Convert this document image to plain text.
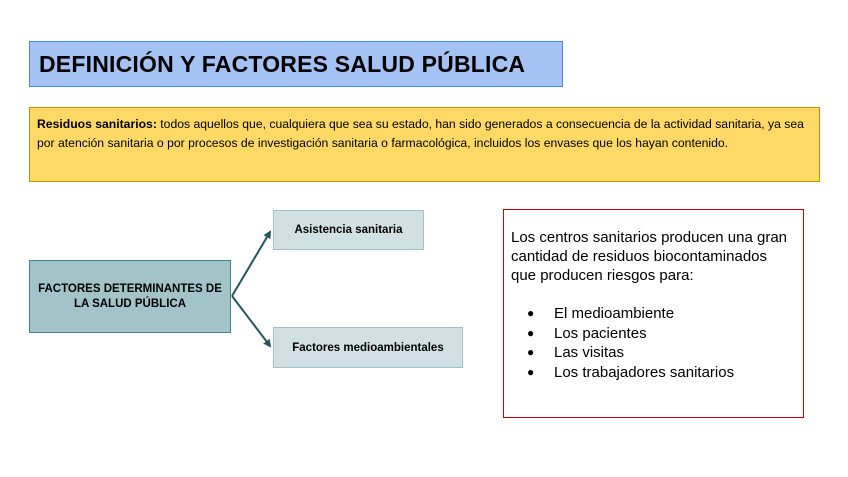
DEFINICIÓN Y FACTORES SALUD PÚBLICA
Residuos sanitarios: todos aquellos que, cualquiera que sea su estado, han sido generados a consecuencia de la actividad sanitaria, ya sea por atención sanitaria o por procesos de investigación sanitaria o farmacológica, incluidos los envases que los hayan contenido.
FACTORES DETERMINANTES DE LA SALUD PÚBLICA
Asistencia sanitaria
Factores medioambientales

Los centros sanitarios producen una gran cantidad de residuos biocontaminados que producen riesgos para:

● El medioambiente
● Los pacientes
● Las visitas
● Los trabajadores sanitarios
